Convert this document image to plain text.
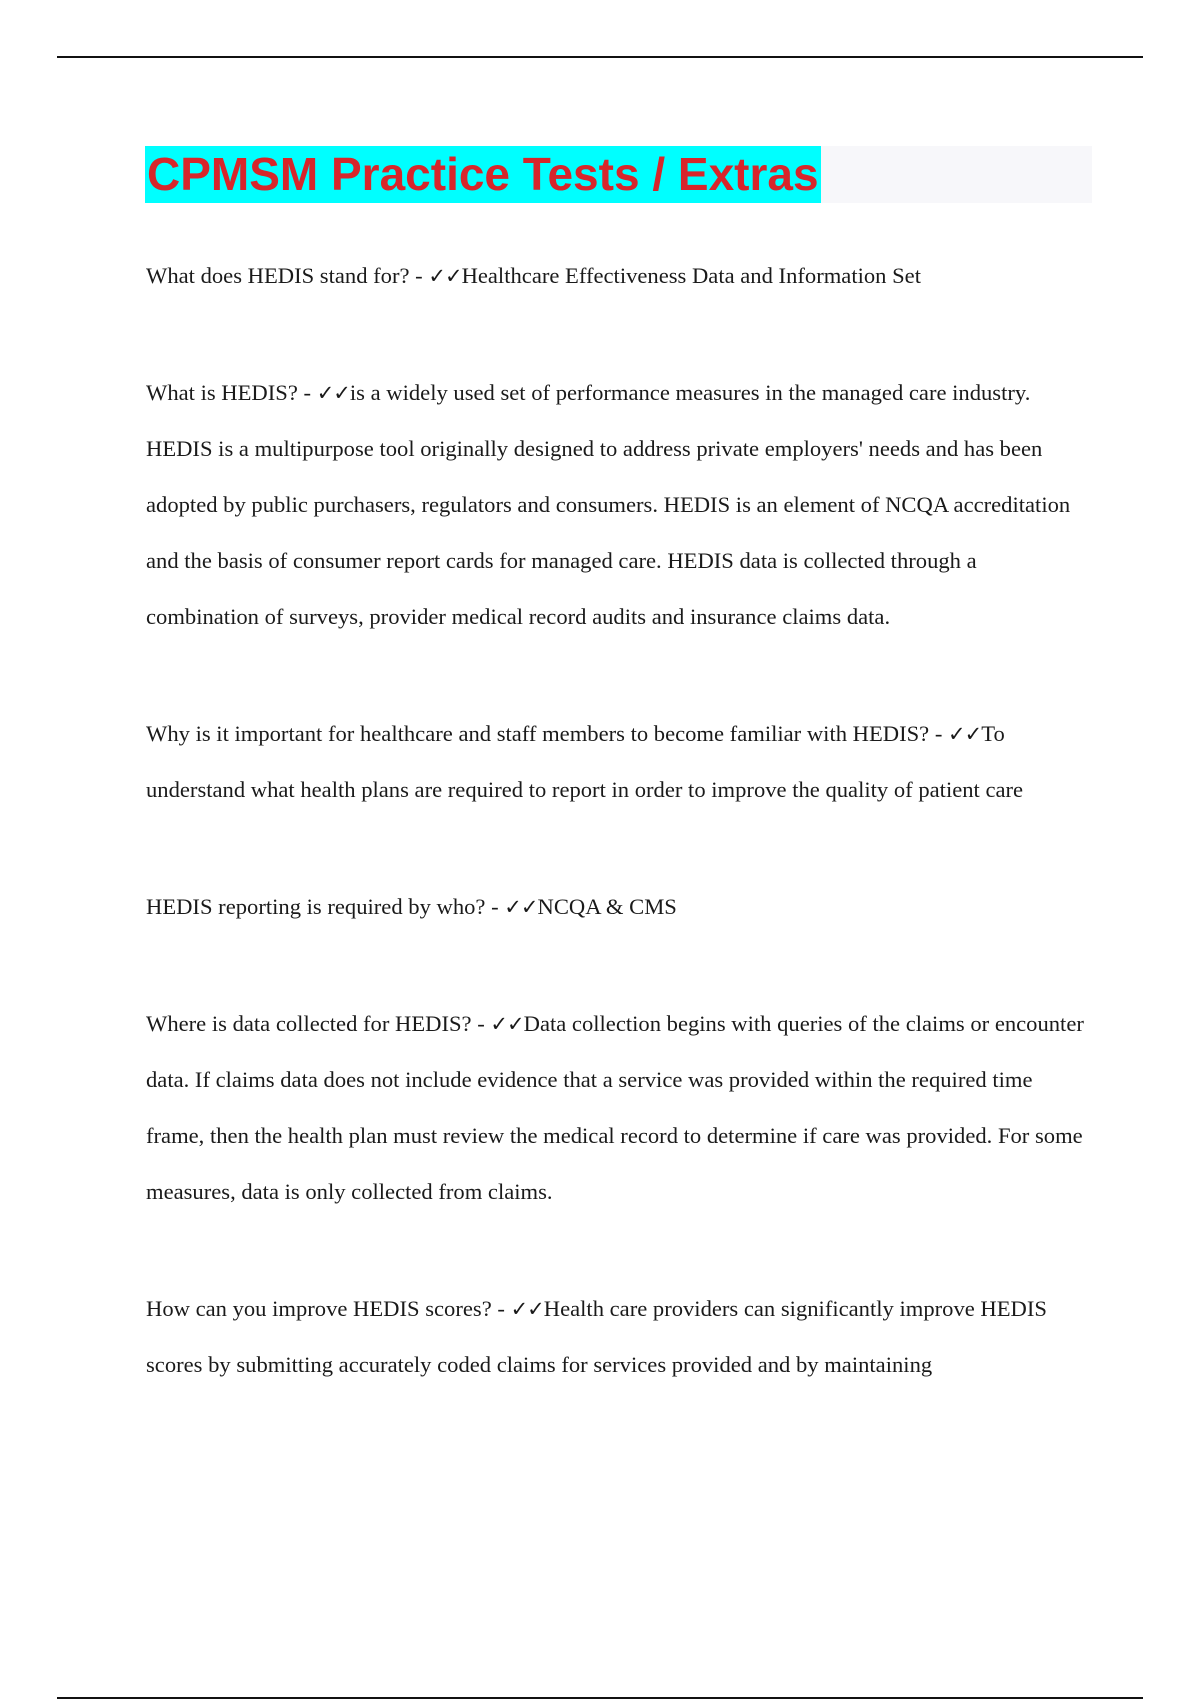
CPMSM Practice Tests / Extras

What does HEDIS stand for? - ✓✓Healthcare Effectiveness Data and Information Set

What is HEDIS? - ✓✓is a widely used set of performance measures in the managed care industry. HEDIS is a multipurpose tool originally designed to address private employers' needs and has been adopted by public purchasers, regulators and consumers. HEDIS is an element of NCQA accreditation and the basis of consumer report cards for managed care. HEDIS data is collected through a combination of surveys, provider medical record audits and insurance claims data.

Why is it important for healthcare and staff members to become familiar with HEDIS? - ✓✓To understand what health plans are required to report in order to improve the quality of patient care

HEDIS reporting is required by who? - ✓✓NCQA & CMS

Where is data collected for HEDIS? - ✓✓Data collection begins with queries of the claims or encounter data. If claims data does not include evidence that a service was provided within the required time frame, then the health plan must review the medical record to determine if care was provided. For some measures, data is only collected from claims.

How can you improve HEDIS scores? - ✓✓Health care providers can significantly improve HEDIS scores by submitting accurately coded claims for services provided and by maintaining
